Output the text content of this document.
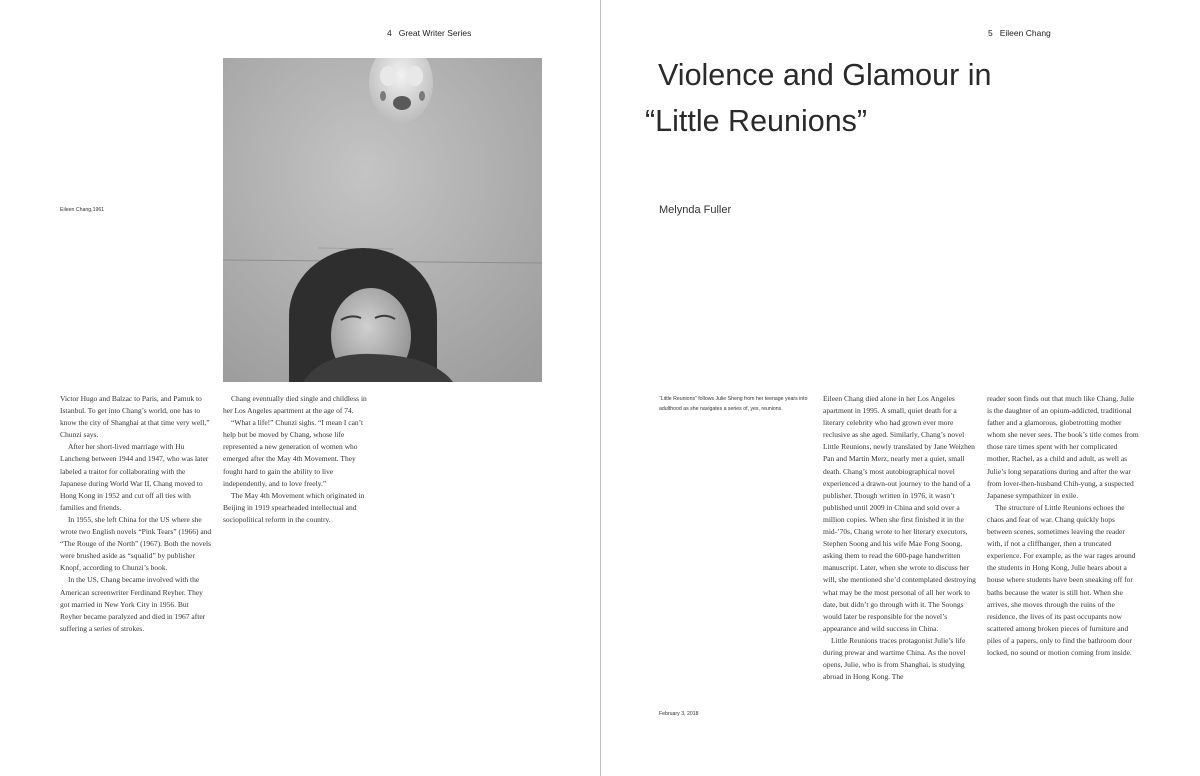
4 Great Writer Series
Eileen Chang,1961

Victor Hugo and Balzac to Paris, and Pamuk to Istanbul. To get into Chang’s world, one has to know the city of Shanghai at that time very well,” Chunzi says.

After her short-lived marriage with Hu Lancheng between 1944 and 1947, who was later labeled a traitor for collaborating with the Japanese during World War II, Chang moved to Hong Kong in 1952 and cut off all ties with families and friends.

In 1955, she left China for the US where she wrote two English novels “Pink Tears” (1966) and “The Rouge of the North” (1967). Both the novels were brushed aside as “squalid” by publisher Knopf, according to Chunzi’s book.

In the US, Chang became involved with the American screenwriter Ferdinand Reyher. They got married in New York City in 1956. But Reyher became paralyzed and died in 1967 after suffering a series of strokes.

Chang eventually died single and childless in her Los Angeles apartment at the age of 74.

“What a life!” Chunzi sighs. “I mean I can’t help but be moved by Chang, whose life represented a new generation of women who emerged after the May 4th Movement. They fought hard to gain the ability to live independently, and to love freely.”

The May 4th Movement which originated in Beijing in 1919 spearheaded intellectual and sociopolitical reform in the country.

5 Eileen Chang
Violence and Glamour in
“Little Reunions”
Melynda Fuller
“Little Reunions” follows Julie Sheng from her teenage years into adulthood as she navigates a series of, yes, reunions.
February 3, 2018

Eileen Chang died alone in her Los Angeles apartment in 1995. A small, quiet death for a literary celebrity who had grown ever more reclusive as she aged. Similarly, Chang’s novel Little Reunions, newly translated by Jane Weizhen Pan and Martin Merz, nearly met a quiet, small death. Chang’s most autobiographical novel experienced a drawn-out journey to the hand of a publisher. Though written in 1976, it wasn’t published until 2009 in China and sold over a million copies. When she first finished it in the mid-’70s, Chang wrote to her literary executors, Stephen Soong and his wife Mae Fong Soong, asking them to read the 600-page handwritten manuscript. Later, when she wrote to discuss her will, she mentioned she’d contemplated destroying what may be the most personal of all her work to date, but didn’t go through with it. The Soongs would later be responsible for the novel’s appearance and wild success in China.

Little Reunions traces protagonist Julie’s life during prewar and wartime China. As the novel opens, Julie, who is from Shanghai, is studying abroad in Hong Kong. The

reader soon finds out that much like Chang, Julie is the daughter of an opium-addicted, traditional father and a glamorous, globetrotting mother whom she never sees. The book’s title comes from those rare times spent with her complicated mother, Rachel, as a child and adult, as well as Julie’s long separations during and after the war from lover-then-husband Chih-yung, a suspected Japanese sympathizer in exile.

The structure of Little Reunions echoes the chaos and fear of war. Chang quickly hops between scenes, sometimes leaving the reader with, if not a cliffhanger, then a truncated experience. For example, as the war rages around the students in Hong Kong, Julie hears about a house where students have been sneaking off for baths because the water is still hot. When she arrives, she moves through the ruins of the residence, the lives of its past occupants now scattered among broken pieces of furniture and piles of a papers, only to find the bathroom door locked, no sound or motion coming from inside.
